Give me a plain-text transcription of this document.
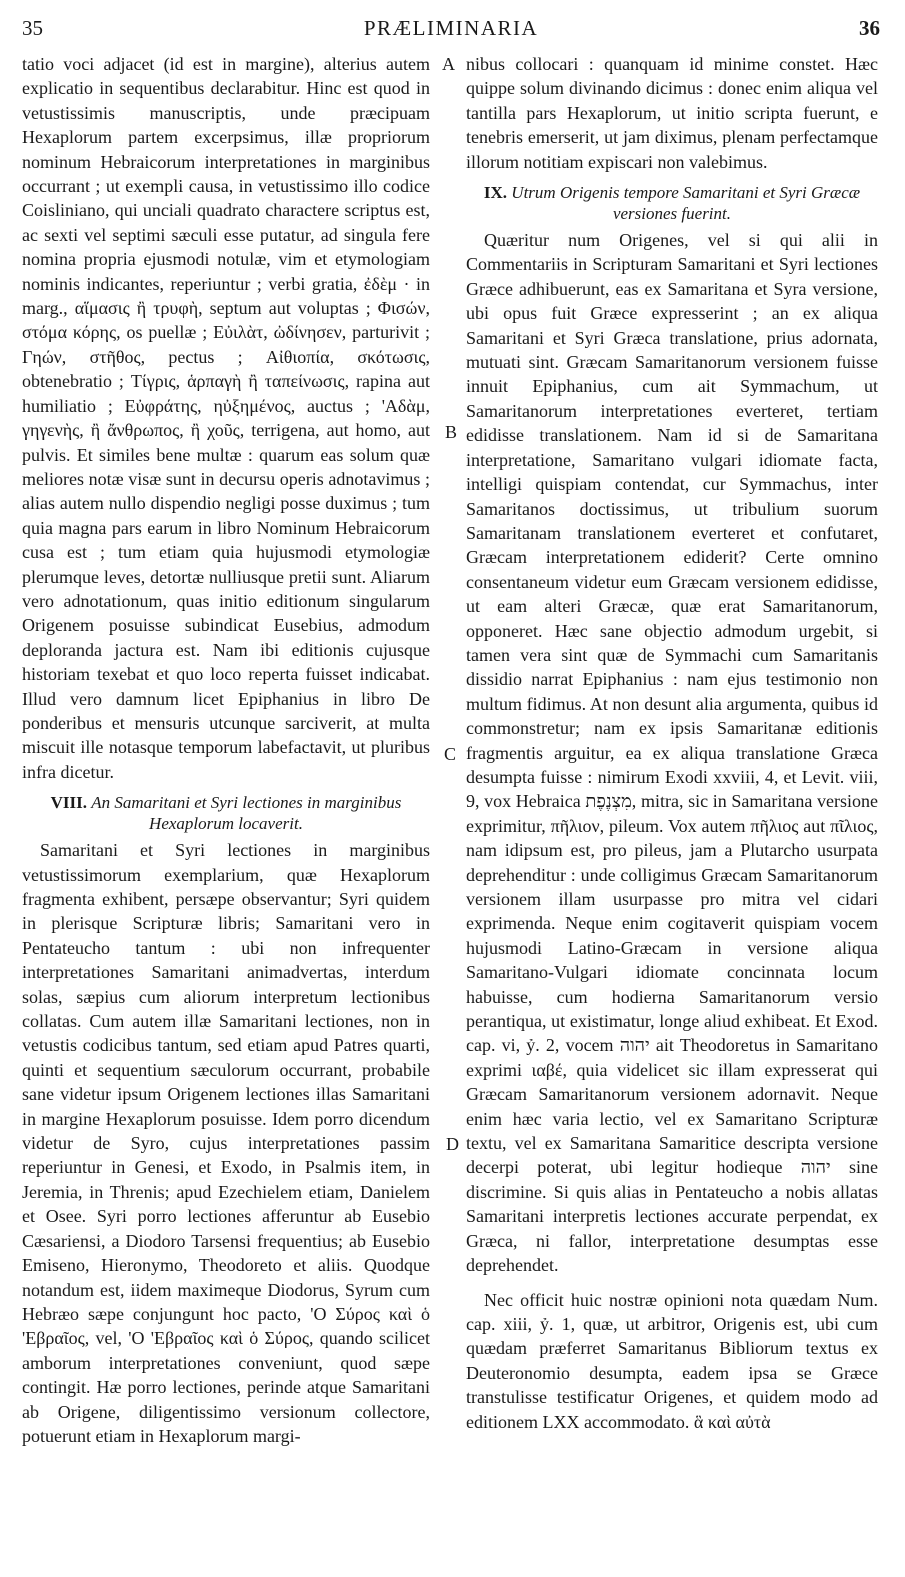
35	PRÆLIMINARIA	36
A
B
C
D

tatio voci adjacet (id est in margine), alterius autem explicatio in sequentibus declarabitur. Hinc est quod in vetustissimis manuscriptis, unde præcipuam Hexaplorum partem excerpsimus, illæ propriorum nominum Hebraicorum interpretationes in marginibus occurrant ; ut exempli causa, in vetustissimo illo codice Coisliniano, qui unciali quadrato charactere scriptus est, ac sexti vel septimi sæculi esse putatur, ad singula fere nomina propria ejusmodi notulæ, vim et etymologiam nominis indicantes, reperiuntur ; verbi gratia, ἐδὲμ · in marg., αἵμασις ἢ τρυφὴ, septum aut voluptas ; Φισών, στόμα κόρης, os puellæ ; Εὐιλὰτ, ὠδίνησεν, parturivit ; Γηών, στῆθος, pectus ; Αἰθιοπία, σκότωσις, obtenebratio ; Τίγρις, ἁρπαγὴ ἢ ταπείνωσις, rapina aut humiliatio ; Εὐφράτης, ηὐξημένος, auctus ; 'Αδὰμ, γηγενὴς, ἢ ἄνθρωπος, ἢ χοῦς, terrigena, aut homo, aut pulvis. Et similes bene multæ : quarum eas solum quæ meliores notæ visæ sunt in decursu operis adnotavimus ; alias autem nullo dispendio negligi posse duximus ; tum quia magna pars earum in libro Nominum Hebraicorum cusa est ; tum etiam quia hujusmodi etymologiæ plerumque leves, detortæ nulliusque pretii sunt. Aliarum vero adnotationum, quas initio editionum singularum Origenem posuisse subindicat Eusebius, admodum deploranda jactura est. Nam ibi editionis cujusque historiam texebat et quo loco reperta fuisset indicabat. Illud vero damnum licet Epiphanius in libro De ponderibus et mensuris utcunque sarciverit, at multa miscuit ille notasque temporum labefactavit, ut pluribus infra dicetur.

VIII. An Samaritani et Syri lectiones in marginibus Hexaplorum locaverit.

Samaritani et Syri lectiones in marginibus vetustissimorum exemplarium, quæ Hexaplorum fragmenta exhibent, persæpe observantur; Syri quidem in plerisque Scripturæ libris; Samaritani vero in Pentateucho tantum : ubi non infrequenter interpretationes Samaritani animadvertas, interdum solas, sæpius cum aliorum interpretum lectionibus collatas. Cum autem illæ Samaritani lectiones, non in vetustis codicibus tantum, sed etiam apud Patres quarti, quinti et sequentium sæculorum occurrant, probabile sane videtur ipsum Origenem lectiones illas Samaritani in margine Hexaplorum posuisse. Idem porro dicendum videtur de Syro, cujus interpretationes passim reperiuntur in Genesi, et Exodo, in Psalmis item, in Jeremia, in Threnis; apud Ezechielem etiam, Danielem et Osee. Syri porro lectiones afferuntur ab Eusebio Cæsariensi, a Diodoro Tarsensi frequentius; ab Eusebio Emiseno, Hieronymo, Theodoreto et aliis. Quodque notandum est, iidem maximeque Diodorus, Syrum cum Hebræo sæpe conjungunt hoc pacto, 'Ο Σύρος καὶ ὁ 'Εβραῖος, vel, 'Ο 'Εβραῖος καὶ ὁ Σύρος, quando scilicet amborum interpretationes conveniunt, quod sæpe contingit. Hæ porro lectiones, perinde atque Samaritani ab Origene, diligentissimo versionum collectore, potuerunt etiam in Hexaplorum margi-

nibus collocari : quanquam id minime constet. Hæc quippe solum divinando dicimus : donec enim aliqua vel tantilla pars Hexaplorum, ut initio scripta fuerunt, e tenebris emerserit, ut jam diximus, plenam perfectamque illorum notitiam expiscari non valebimus.

IX. Utrum Origenis tempore Samaritani et Syri Græcæ versiones fuerint.

Quæritur num Origenes, vel si qui alii in Commentariis in Scripturam Samaritani et Syri lectiones Græce adhibuerunt, eas ex Samaritana et Syra versione, ubi opus fuit Græce expresserint ; an ex aliqua Samaritani et Syri Græca translatione, prius adornata, mutuati sint. Græcam Samaritanorum versionem fuisse innuit Epiphanius, cum ait Symmachum, ut Samaritanorum interpretationes everteret, tertiam edidisse translationem. Nam id si de Samaritana interpretatione, Samaritano vulgari idiomate facta, intelligi quispiam contendat, cur Symmachus, inter Samaritanos doctissimus, ut tribulium suorum Samaritanam translationem everteret et confutaret, Græcam interpretationem ediderit? Certe omnino consentaneum videtur eum Græcam versionem edidisse, ut eam alteri Græcæ, quæ erat Samaritanorum, opponeret. Hæc sane objectio admodum urgebit, si tamen vera sint quæ de Symmachi cum Samaritanis dissidio narrat Epiphanius : nam ejus testimonio non multum fidimus. At non desunt alia argumenta, quibus id commonstretur; nam ex ipsis Samaritanæ editionis fragmentis arguitur, ea ex aliqua translatione Græca desumpta fuisse : nimirum Exodi xxviii, 4, et Levit. viii, 9, vox Hebraica מִצְנֶפֶת, mitra, sic in Samaritana versione exprimitur, πῆλιον, pileum. Vox autem πῆλιος aut πῖλιος, nam idipsum est, pro pileus, jam a Plutarcho usurpata deprehenditur : unde colligimus Græcam Samaritanorum versionem illam usurpasse pro mitra vel cidari exprimenda. Neque enim cogitaverit quispiam vocem hujusmodi Latino-Græcam in versione aliqua Samaritano-Vulgari idiomate concinnata locum habuisse, cum hodierna Samaritanorum versio perantiqua, ut existimatur, longe aliud exhibeat. Et Exod. cap. vi, ỷ. 2, vocem יהוה ait Theodoretus in Samaritano exprimi ιαβέ, quia videlicet sic illam expresserat qui Græcam Samaritanorum versionem adornavit. Neque enim hæc varia lectio, vel ex Samaritano Scripturæ textu, vel ex Samaritana Samaritice descripta versione decerpi poterat, ubi legitur hodieque יהוה sine discrimine. Si quis alias in Pentateucho a nobis allatas Samaritani interpretis lectiones accurate perpendat, ex Græca, ni fallor, interpretatione desumptas esse deprehendet.

Nec officit huic nostræ opinioni nota quædam Num. cap. xiii, ỷ. 1, quæ, ut arbitror, Origenis est, ubi cum quædam præferret Samaritanus Bibliorum textus ex Deuteronomio desumpta, eadem ipsa se Græce transtulisse testificatur Origenes, et quidem modo ad editionem LXX accommodato. ἃ καὶ αὐτὰ
